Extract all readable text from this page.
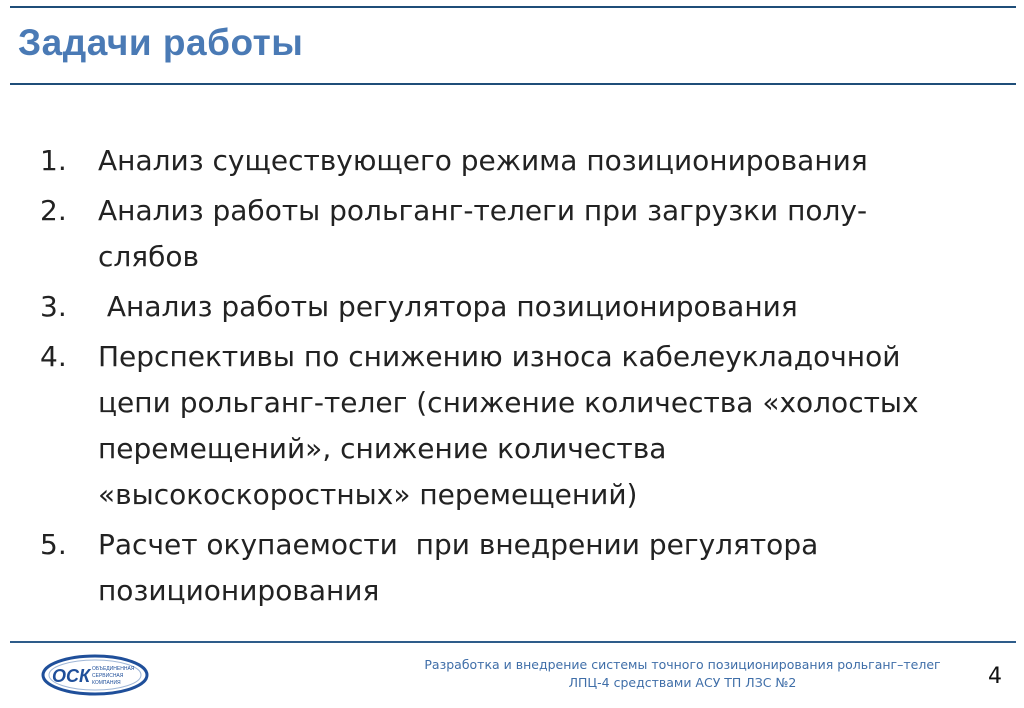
Задачи работы
1. Анализ существующего режима позиционирования
2. Анализ работы рольганг-телеги при загрузки полу-
слябов
3. Анализ работы регулятора позиционирования
4. Перспективы по снижению износа кабелеукладочной
цепи рольганг-телег (снижение количества «холостых
перемещений», снижение количества
«высокоскоростных» перемещений)
5. Расчет окупаемости  при внедрении регулятора
позиционирования
ОСК ОБЪЕДИНЕННАЯ
СЕРВИСНАЯ
КОМПАНИЯ
Разработка и внедрение системы точного позиционирования рольганг–телег
ЛПЦ-4 средствами АСУ ТП ЛЗС №2	4
